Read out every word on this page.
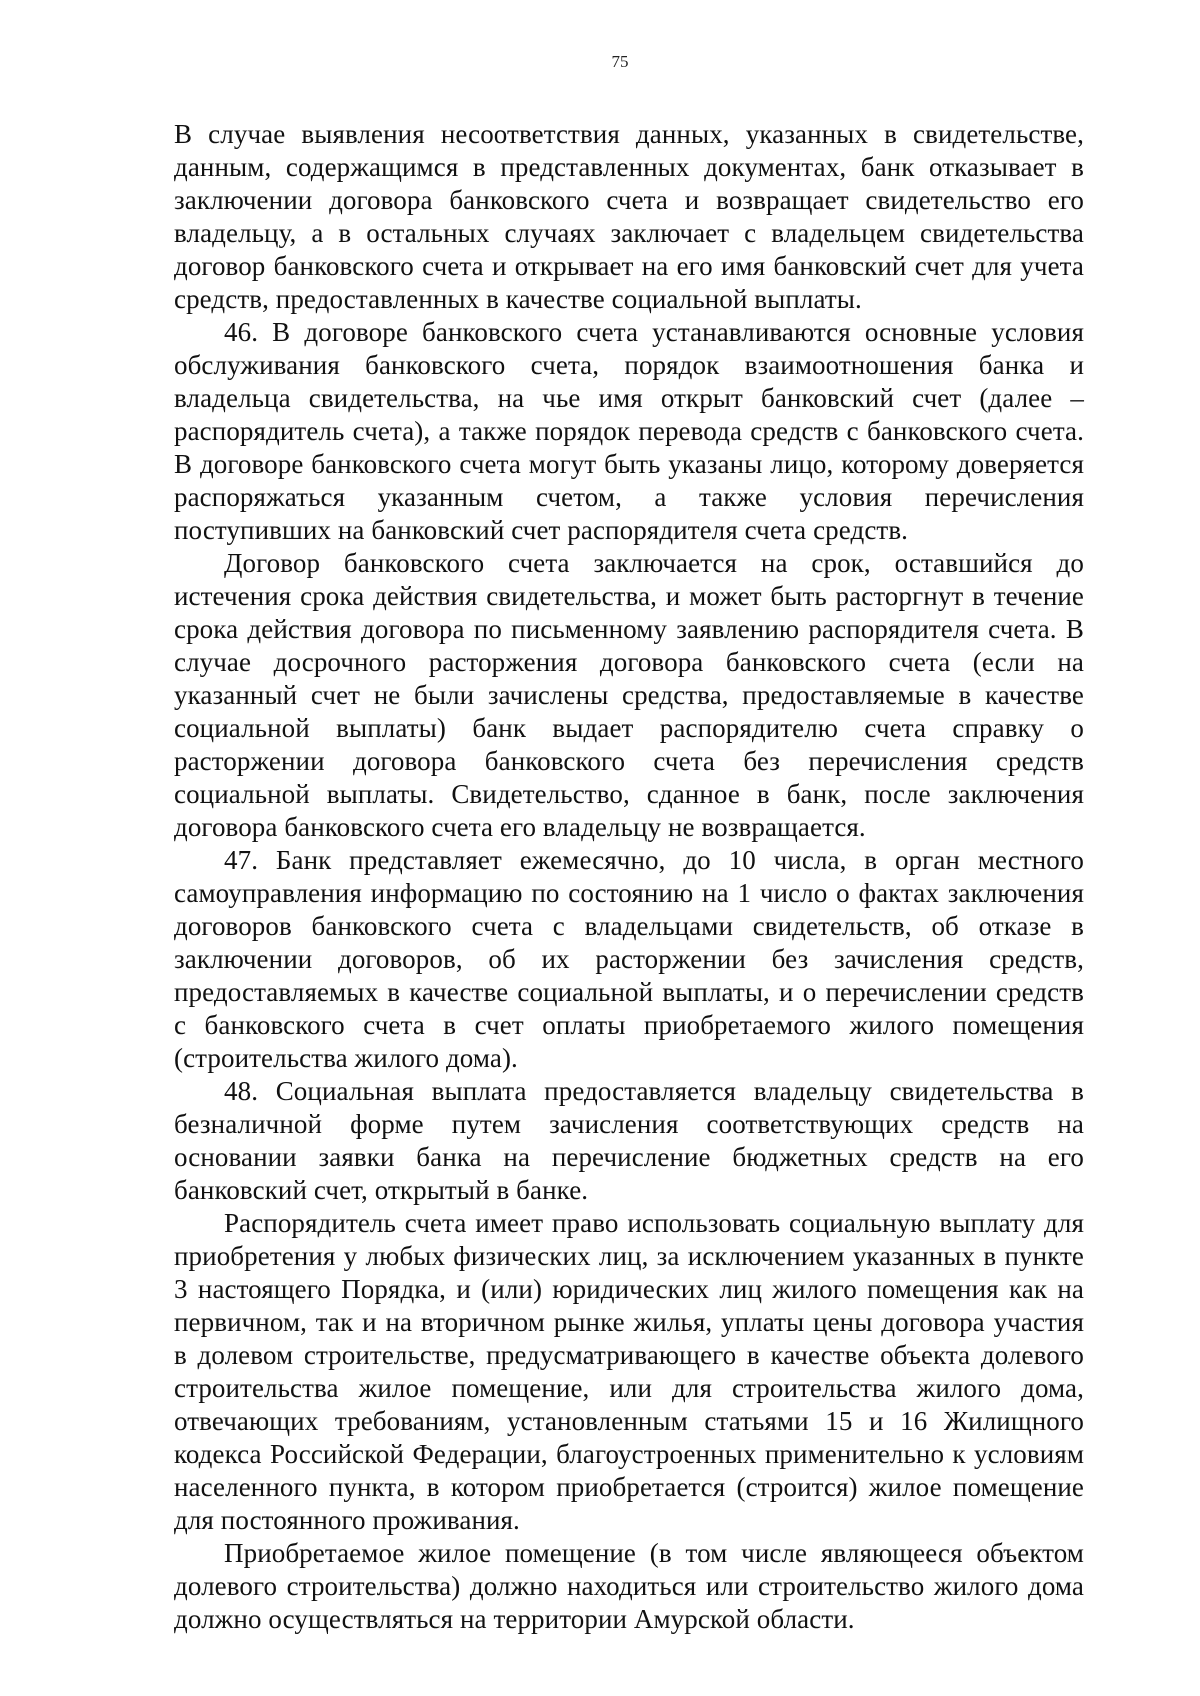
75

В случае выявления несоответствия данных, указанных в свидетельстве, данным, содержащимся в представленных документах, банк отказывает в заключении договора банковского счета и возвращает свидетельство его владельцу, а в остальных случаях заключает с владельцем свидетельства договор банковского счета и открывает на его имя банковский счет для учета средств, предоставленных в качестве социальной выплаты.

46. В договоре банковского счета устанавливаются основные условия обслуживания банковского счета, порядок взаимоотношения банка и владельца свидетельства, на чье имя открыт банковский счет (далее – распорядитель счета), а также порядок перевода средств с банковского счета. В договоре банковского счета могут быть указаны лицо, которому доверяется распоряжаться указанным счетом, а также условия перечисления поступивших на банковский счет распорядителя счета средств.

Договор банковского счета заключается на срок, оставшийся до истечения срока действия свидетельства, и может быть расторгнут в течение срока действия договора по письменному заявлению распорядителя счета. В случае досрочного расторжения договора банковского счета (если на указанный счет не были зачислены средства, предоставляемые в качестве социальной выплаты) банк выдает распорядителю счета справку о расторжении договора банковского счета без перечисления средств социальной выплаты. Свидетельство, сданное в банк, после заключения договора банковского счета его владельцу не возвращается.

47. Банк представляет ежемесячно, до 10 числа, в орган местного самоуправления информацию по состоянию на 1 число о фактах заключения договоров банковского счета с владельцами свидетельств, об отказе в заключении договоров, об их расторжении без зачисления средств, предоставляемых в качестве социальной выплаты, и о перечислении средств с банковского счета в счет оплаты приобретаемого жилого помещения (строительства жилого дома).

48. Социальная выплата предоставляется владельцу свидетельства в безналичной форме путем зачисления соответствующих средств на основании заявки банка на перечисление бюджетных средств на его банковский счет, открытый в банке.

Распорядитель счета имеет право использовать социальную выплату для приобретения у любых физических лиц, за исключением указанных в пункте 3 настоящего Порядка, и (или) юридических лиц жилого помещения как на первичном, так и на вторичном рынке жилья, уплаты цены договора участия в долевом строительстве, предусматривающего в качестве объекта долевого строительства жилое помещение, или для строительства жилого дома, отвечающих требованиям, установленным статьями 15 и 16 Жилищного кодекса Российской Федерации, благоустроенных применительно к условиям населенного пункта, в котором приобретается (строится) жилое помещение для постоянного проживания.

Приобретаемое жилое помещение (в том числе являющееся объектом долевого строительства) должно находиться или строительство жилого дома должно осуществляться на территории Амурской области.
